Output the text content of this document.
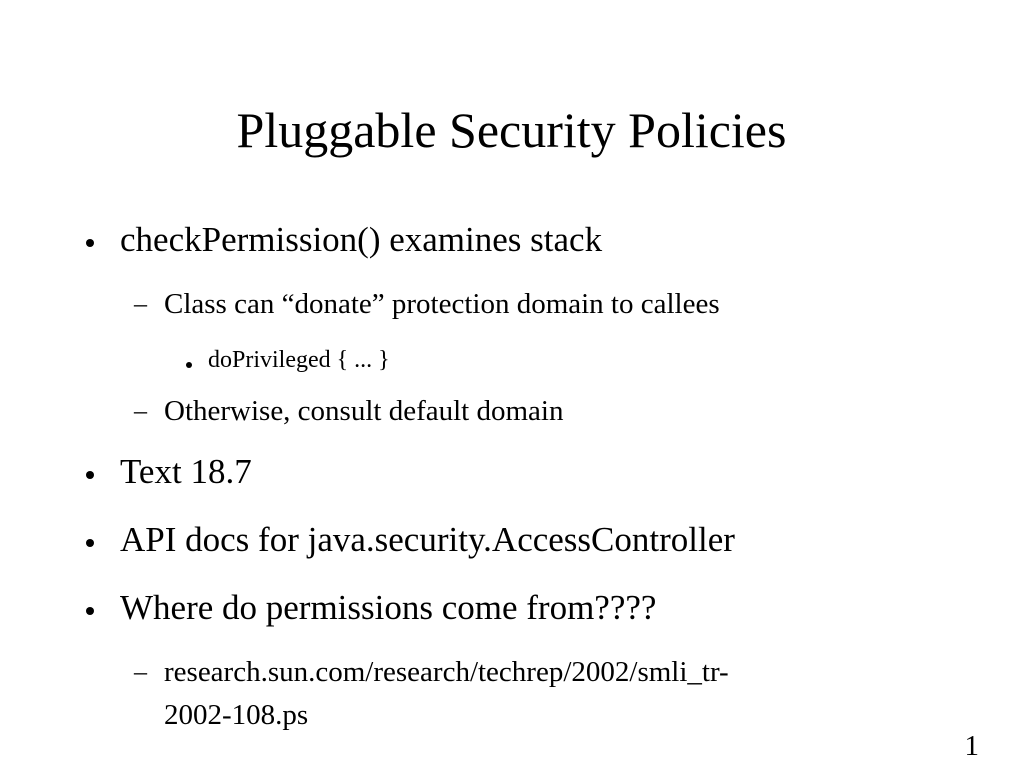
Pluggable Security Policies
checkPermission() examines stack
– Class can “donate” protection domain to callees
doPrivileged { ... }
– Otherwise, consult default domain
Text 18.7
API docs for java.security.AccessController
Where do permissions come from????
– research.sun.com/research/techrep/2002/smli_tr-
2002-108.ps
1
